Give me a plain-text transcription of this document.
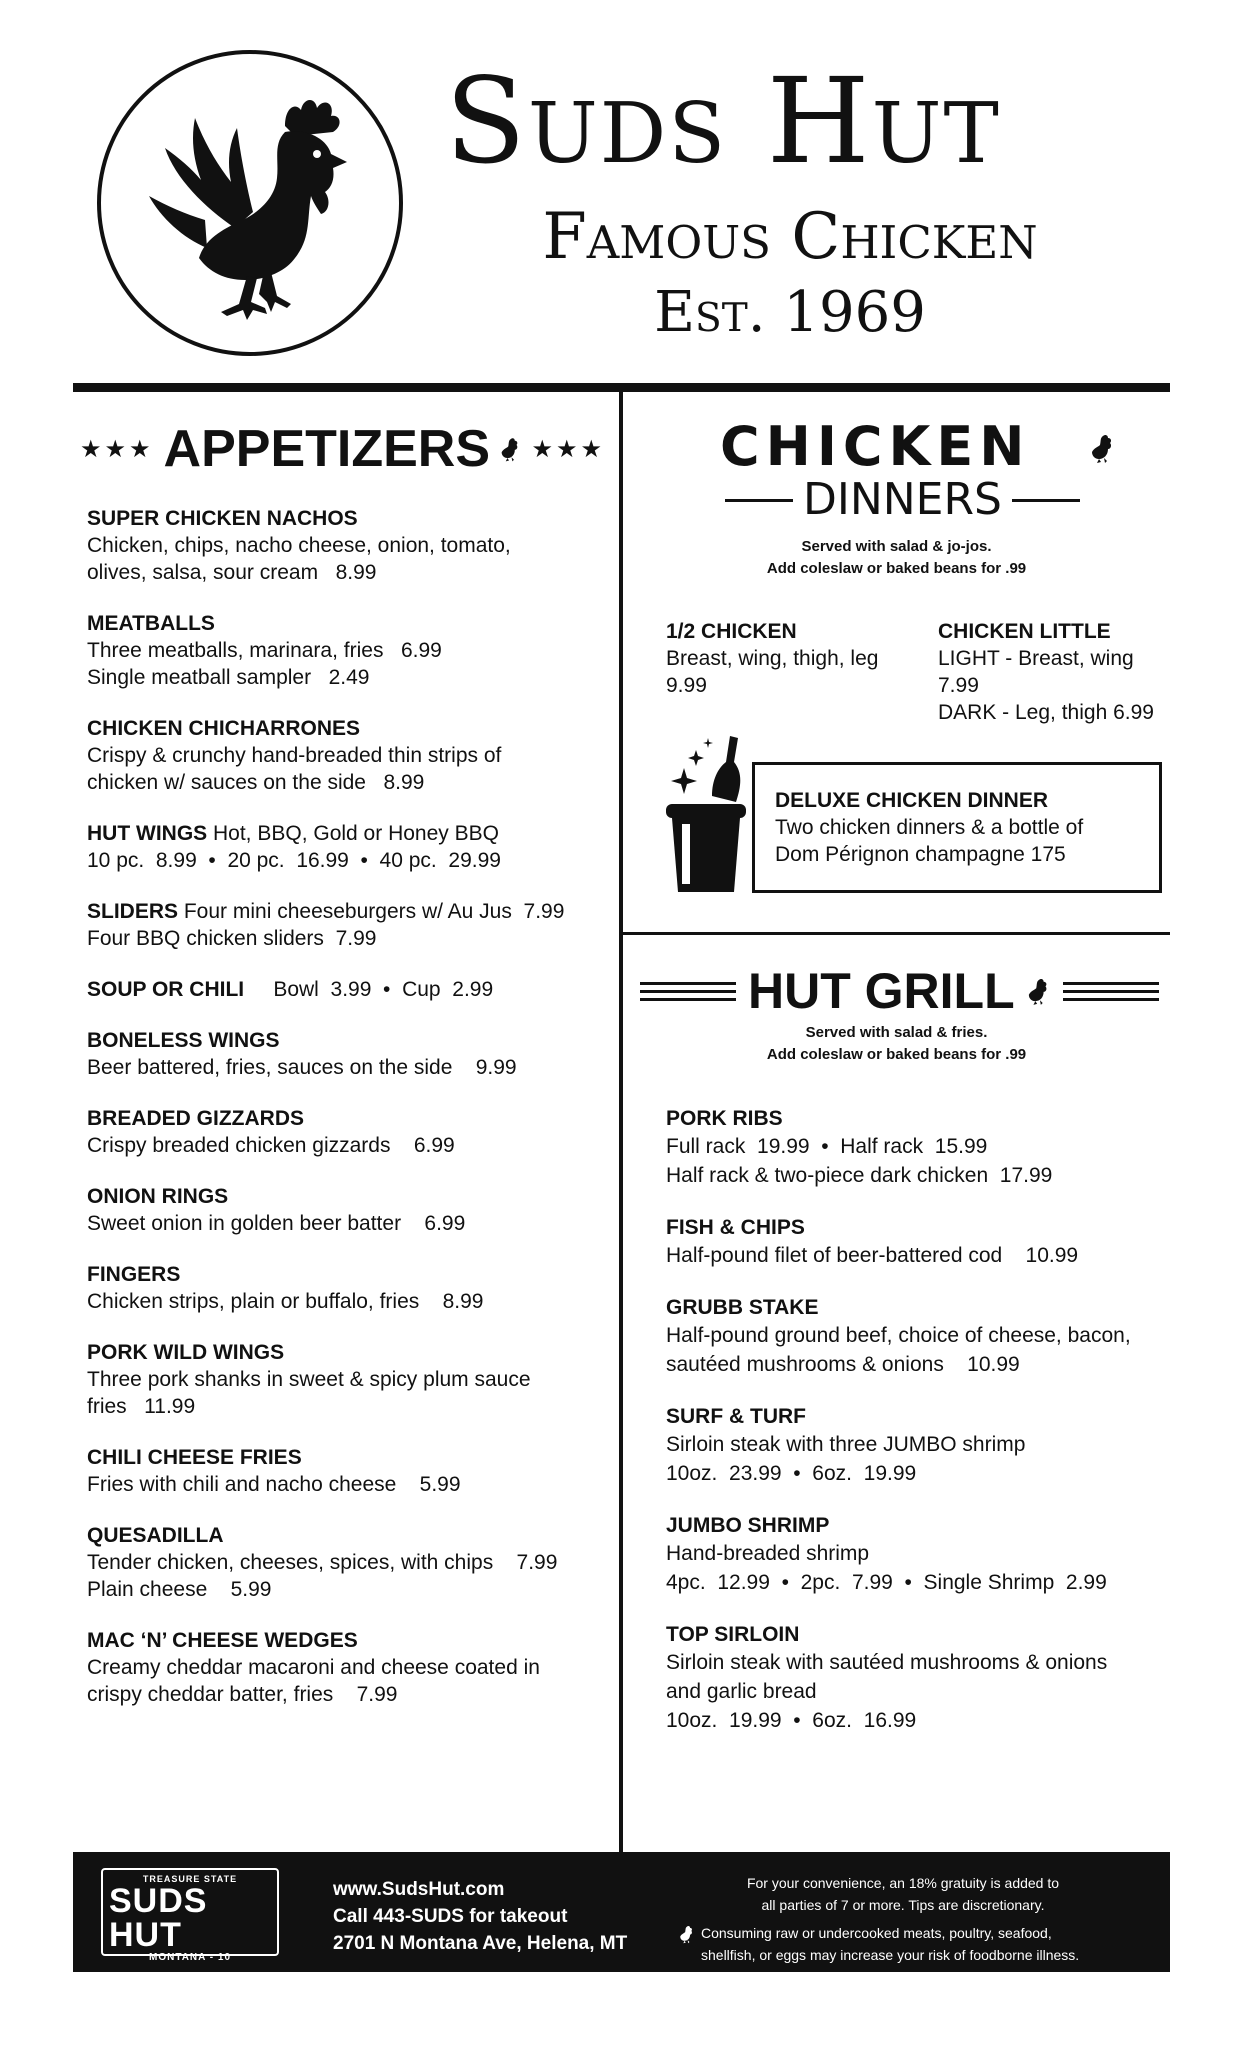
Suds Hut
Famous Chicken
Est. 1969
★★★ APPETIZERS ★★★
SUPER CHICKEN NACHOS
Chicken, chips, nacho cheese, onion, tomato,
olives, salsa, sour cream   8.99
MEATBALLS
Three meatballs, marinara, fries   6.99
Single meatball sampler   2.49
CHICKEN CHICHARRONES
Crispy & crunchy hand-breaded thin strips of
chicken w/ sauces on the side   8.99
HUT WINGS Hot, BBQ, Gold or Honey BBQ
10 pc.  8.99  •  20 pc.  16.99  •  40 pc.  29.99
SLIDERS Four mini cheeseburgers w/ Au Jus  7.99
Four BBQ chicken sliders  7.99
SOUP OR CHILI     Bowl  3.99  •  Cup  2.99
BONELESS WINGS
Beer battered, fries, sauces on the side    9.99
BREADED GIZZARDS
Crispy breaded chicken gizzards    6.99
ONION RINGS
Sweet onion in golden beer batter    6.99
FINGERS
Chicken strips, plain or buffalo, fries    8.99
PORK WILD WINGS
Three pork shanks in sweet & spicy plum sauce
fries   11.99
CHILI CHEESE FRIES
Fries with chili and nacho cheese    5.99
QUESADILLA
Tender chicken, cheeses, spices, with chips    7.99
Plain cheese    5.99
MAC ‘N’ CHEESE WEDGES
Creamy cheddar macaroni and cheese coated in
crispy cheddar batter, fries    7.99
CHICKEN
DINNERS
Served with salad & jo-jos.
Add coleslaw or baked beans for .99
1/2 CHICKEN
Breast, wing, thigh, leg
9.99
CHICKEN LITTLE
LIGHT - Breast, wing 7.99
DARK - Leg, thigh 6.99
DELUXE CHICKEN DINNER
Two chicken dinners & a bottle of
Dom Pérignon champagne 175
HUT GRILL
Served with salad & fries.
Add coleslaw or baked beans for .99
PORK RIBS
Full rack  19.99  •  Half rack  15.99
Half rack & two-piece dark chicken  17.99
FISH & CHIPS
Half-pound filet of beer-battered cod    10.99
GRUBB STAKE
Half-pound ground beef, choice of cheese, bacon,
sautéed mushrooms & onions    10.99
SURF & TURF
Sirloin steak with three JUMBO shrimp
10oz.  23.99  •  6oz.  19.99
JUMBO SHRIMP
Hand-breaded shrimp
4pc.  12.99  •  2pc.  7.99  •  Single Shrimp  2.99
TOP SIRLOIN
Sirloin steak with sautéed mushrooms & onions
and garlic bread
10oz.  19.99  •  6oz.  16.99
TREASURE STATE
SUDS HUT
MONTANA - 10
www.SudsHut.com
Call 443-SUDS for takeout
2701 N Montana Ave, Helena, MT
For your convenience, an 18% gratuity is added to
all parties of 7 or more. Tips are discretionary.
Consuming raw or undercooked meats, poultry, seafood,
shellfish, or eggs may increase your risk of foodborne illness.
